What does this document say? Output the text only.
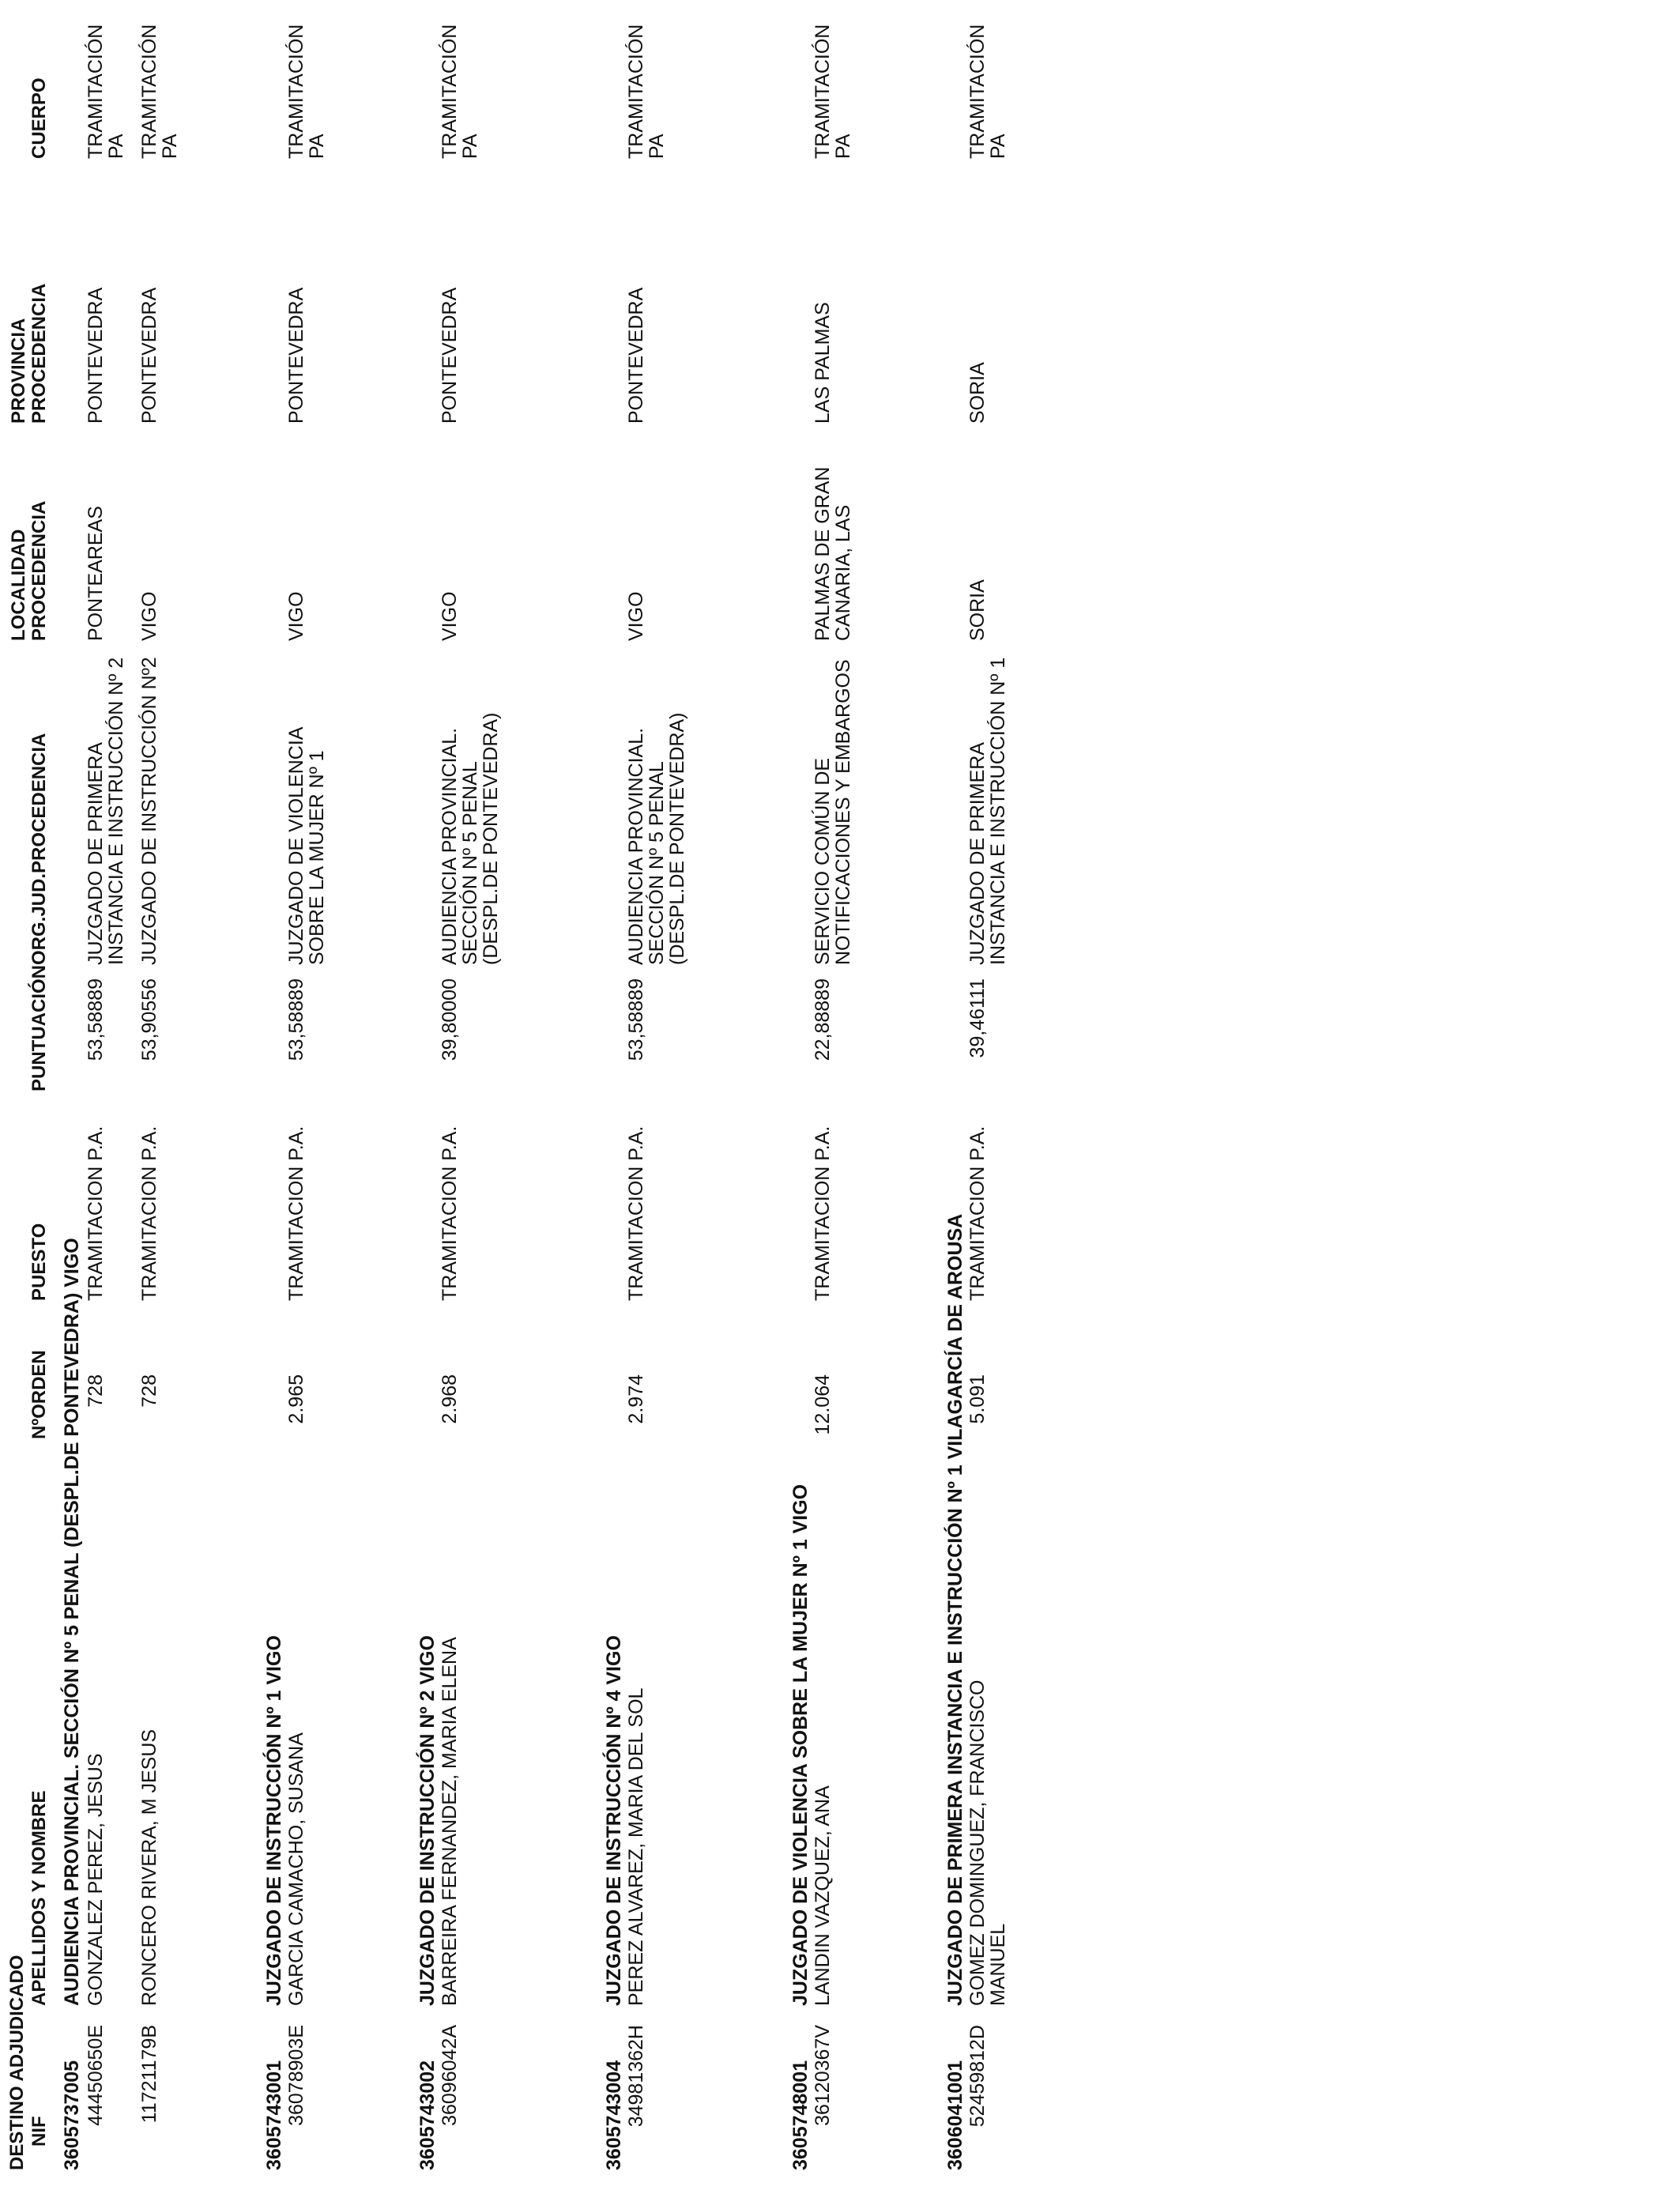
DESTINO ADJUDICADO NIF
APELLIDOS Y NOMBRE
NºORDEN
PUESTO
PUNTUACIÓN
ORG.JUD.PROCEDENCIA
LOCALIDAD PROCEDENCIA
PROVINCIA PROCEDENCIA
CUERPO
3605737005
AUDIENCIA PROVINCIAL. SECCIÓN Nº 5 PENAL (DESPL.DE PONTEVEDRA) VIGO
44450650E
GONZALEZ PEREZ, JESUS
728
TRAMITACION P.A.
53,58889
JUZGADO DE PRIMERA
INSTANCIA E INSTRUCCIÓN Nº 2
PONTEAREAS
PONTEVEDRA
TRAMITACIÓN
PA
11721179B
RONCERO RIVERA, M JESUS
728
TRAMITACION P.A.
53,90556
JUZGADO DE INSTRUCCIÓN Nº2
VIGO
PONTEVEDRA
TRAMITACIÓN
PA
3605743001
JUZGADO DE INSTRUCCIÓN Nº 1 VIGO
36078903E
GARCIA CAMACHO, SUSANA
2.965
TRAMITACION P.A.
53,58889
JUZGADO DE VIOLENCIA
SOBRE LA MUJER Nº 1
VIGO
PONTEVEDRA
TRAMITACIÓN
PA
3605743002
JUZGADO DE INSTRUCCIÓN Nº 2 VIGO
36096042A
BARREIRA FERNANDEZ, MARIA ELENA
2.968
TRAMITACION P.A.
39,80000
AUDIENCIA PROVINCIAL.
SECCIÓN Nº 5 PENAL
(DESPL.DE PONTEVEDRA)
VIGO
PONTEVEDRA
TRAMITACIÓN
PA
3605743004
JUZGADO DE INSTRUCCIÓN Nº 4 VIGO
34981362H
PEREZ ALVAREZ, MARIA DEL SOL
2.974
TRAMITACION P.A.
53,58889
AUDIENCIA PROVINCIAL.
SECCIÓN Nº 5 PENAL
(DESPL.DE PONTEVEDRA)
VIGO
PONTEVEDRA
TRAMITACIÓN
PA
3605748001
JUZGADO DE VIOLENCIA SOBRE LA MUJER Nº 1 VIGO
36120367V
LANDIN VAZQUEZ, ANA
12.064
TRAMITACION P.A.
22,88889
SERVICIO COMÚN DE
NOTIFICACIONES Y EMBARGOS
PALMAS DE GRAN
CANARIA, LAS
LAS PALMAS
TRAMITACIÓN
PA
3606041001
JUZGADO DE PRIMERA INSTANCIA E INSTRUCCIÓN Nº 1 VILAGARCÍA DE AROUSA
52459812D
GOMEZ DOMINGUEZ, FRANCISCO
MANUEL
5.091
TRAMITACION P.A.
39,46111
JUZGADO DE PRIMERA
INSTANCIA E INSTRUCCIÓN Nº 1
SORIA
SORIA
TRAMITACIÓN
PA
